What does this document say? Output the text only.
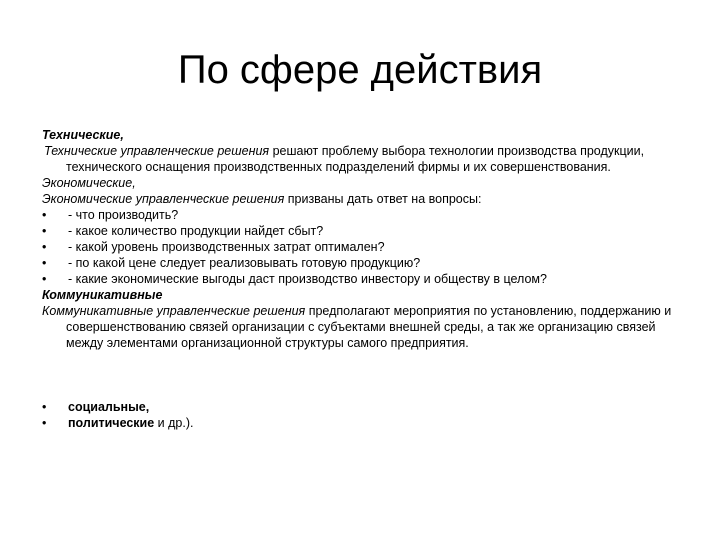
По сфере действия

Технические,

Технические управленческие решения решают проблему выбора технологии производства продукции, технического оснащения производственных подразделений фирмы и их совершенствования.

Экономические,

Экономические управленческие решения призваны дать ответ на вопросы:

•	- что производить?
•	- какое количество продукции найдет сбыт?
•	- какой уровень производственных затрат оптимален?
•	- по какой цене следует реализовывать готовую продукцию?
•	- какие экономические выгоды даст производство инвестору и обществу в целом?

Коммуникативные

Коммуникативные управленческие решения предполагают мероприятия по установлению, поддержанию и совершенствованию связей организации с субъектами внешней среды, а так же организацию связей между элементами организационной структуры самого предприятия.

•	социальные,
•	политические и др.).
